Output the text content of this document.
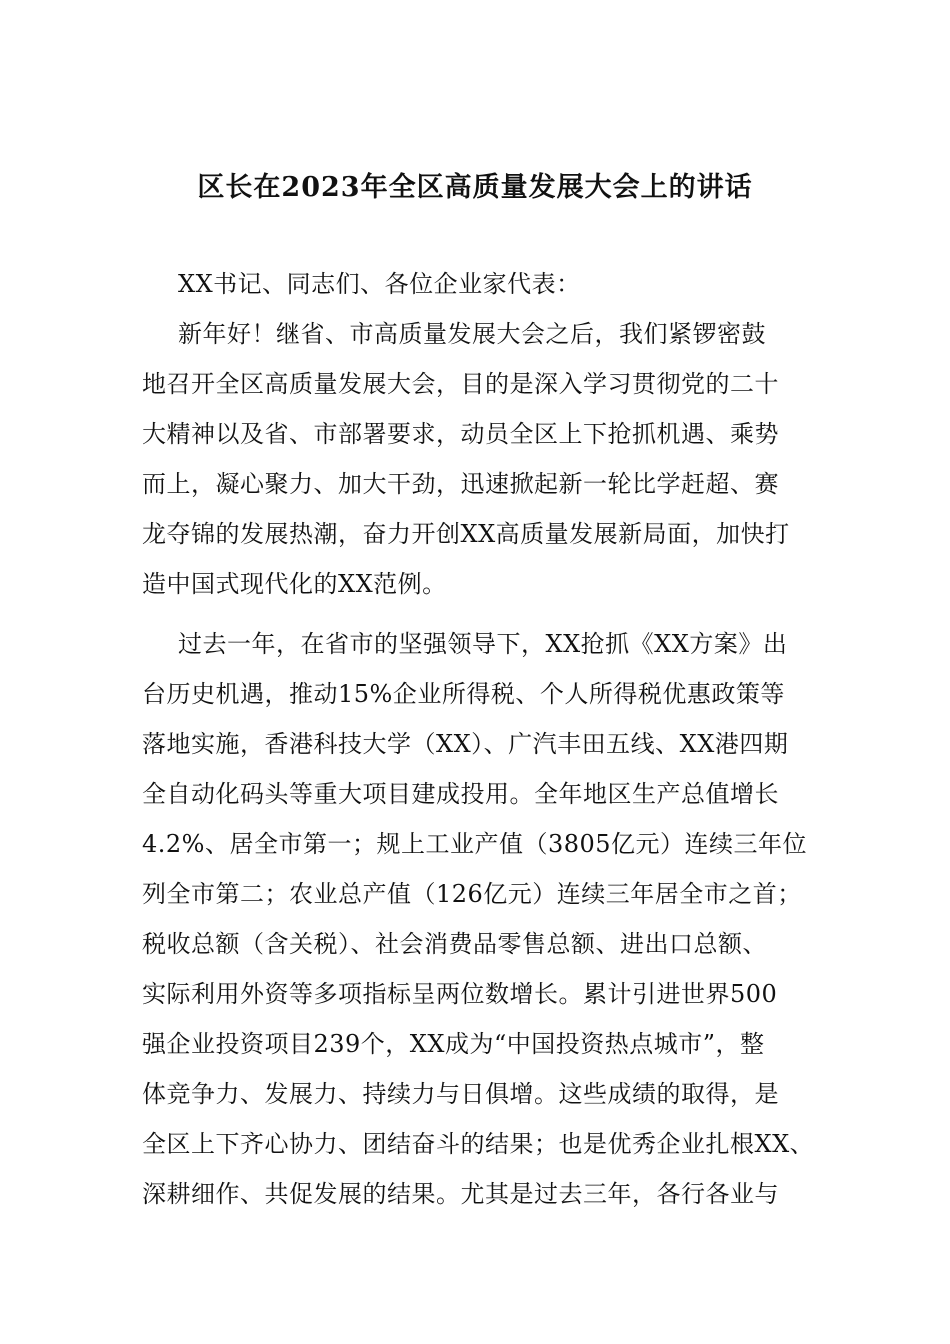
区长在2023年全区高质量发展大会上的讲话
XX书记、同志们、各位企业家代表：
新年好！继省、市高质量发展大会之后，我们紧锣密鼓
地召开全区高质量发展大会，目的是深入学习贯彻党的二十
大精神以及省、市部署要求，动员全区上下抢抓机遇、乘势
而上，凝心聚力、加大干劲，迅速掀起新一轮比学赶超、赛
龙夺锦的发展热潮，奋力开创XX高质量发展新局面，加快打
造中国式现代化的XX范例。
过去一年，在省市的坚强领导下，XX抢抓《XX方案》出
台历史机遇，推动15%企业所得税、个人所得税优惠政策等
落地实施，香港科技大学（XX）、广汽丰田五线、XX港四期
全自动化码头等重大项目建成投用。全年地区生产总值增长
4.2%、居全市第一；规上工业产值（3805亿元）连续三年位
列全市第二；农业总产值（126亿元）连续三年居全市之首；
税收总额（含关税）、社会消费品零售总额、进出口总额、
实际利用外资等多项指标呈两位数增长。累计引进世界500
强企业投资项目239个，XX成为“中国投资热点城市”，整
体竞争力、发展力、持续力与日俱增。这些成绩的取得，是
全区上下齐心协力、团结奋斗的结果；也是优秀企业扎根XX、
深耕细作、共促发展的结果。尤其是过去三年，各行各业与
